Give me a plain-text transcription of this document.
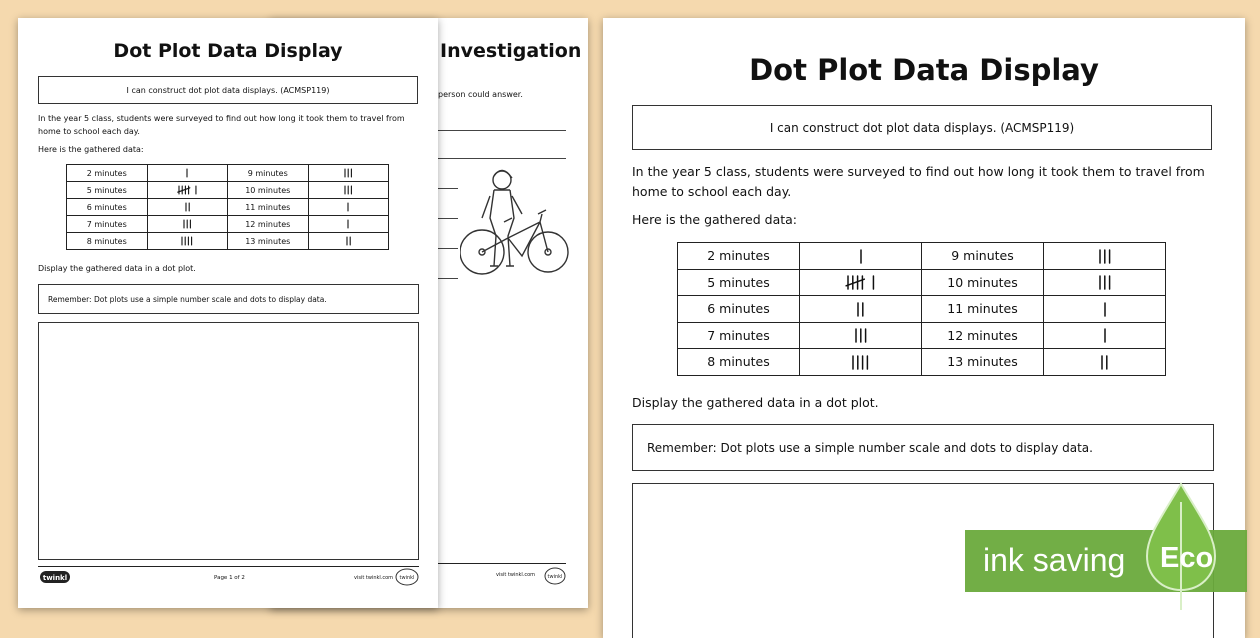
Investigation
person could answer.
visit twinkl.com twinkl
Dot Plot Data Display
I can construct dot plot data displays. (ACMSP119)
In the year 5 class, students were surveyed to find out how long it took them to travel from home to school each day.
Here is the gathered data:
2 minutes		9 minutes	
5 minutes		10 minutes	
6 minutes		11 minutes	
7 minutes		12 minutes	
8 minutes		13 minutes	
Display the gathered data in a dot plot.
Remember: Dot plots use a simple number scale and dots to display data.
twinkl	Page 1 of 2	visit twinkl.com twinkl
Dot Plot Data Display
I can construct dot plot data displays. (ACMSP119)
In the year 5 class, students were surveyed to find out how long it took them to travel from
home to school each day.
Here is the gathered data:
2 minutes		9 minutes	
5 minutes		10 minutes	
6 minutes		11 minutes	
7 minutes		12 minutes	
8 minutes		13 minutes	
Display the gathered data in a dot plot.
Remember: Dot plots use a simple number scale and dots to display data.
ink saving Eco
